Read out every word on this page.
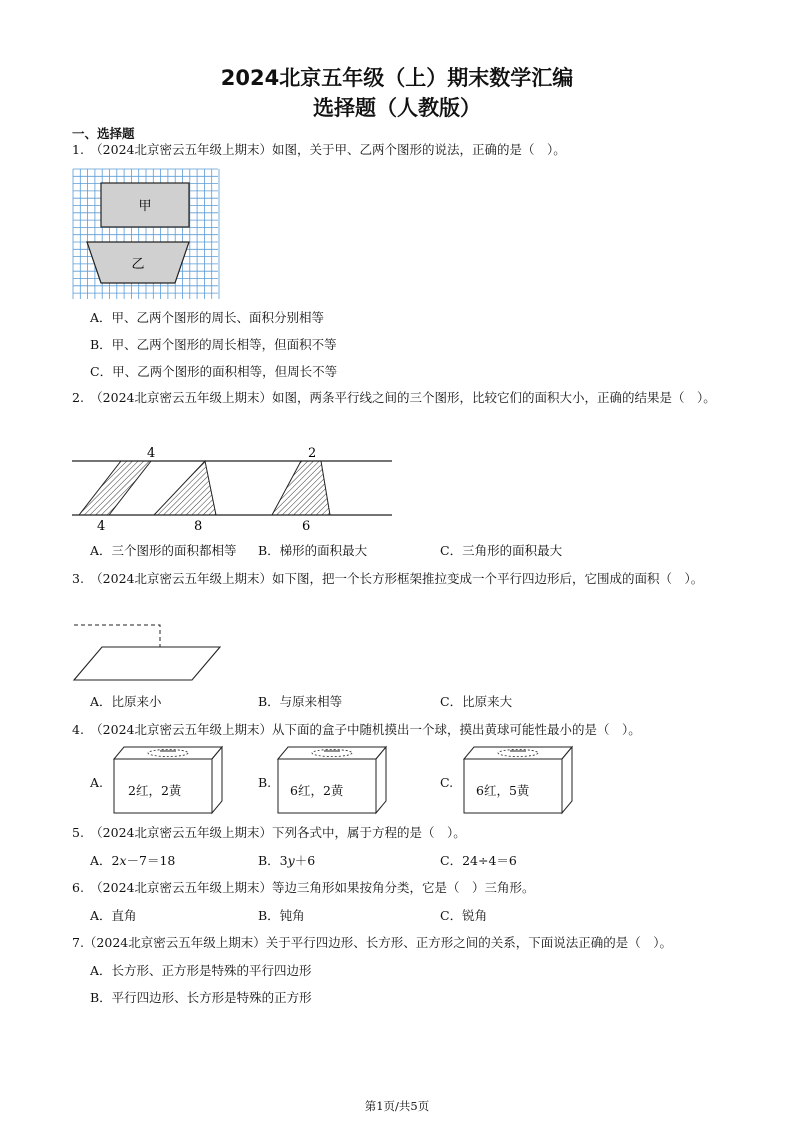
2024北京五年级（上）期末数学汇编
选择题（人教版）
一、选择题
1.　（2024北京密云五年级上期末）如图，关于甲、乙两个图形的说法，正确的是（　）。
甲
乙
A．甲、乙两个图形的周长、面积分别相等
B．甲、乙两个图形的周长相等，但面积不等
C．甲、乙两个图形的面积相等，但周长不等
2.　（2024北京密云五年级上期末）如图，两条平行线之间的三个图形，比较它们的面积大小，正确的结果是（　）。
4	2
4	8	6
A．三个图形的面积都相等 B．梯形的面积最大	C．三角形的面积最大
3.　（2024北京密云五年级上期末）如下图，把一个长方形框架推拉变成一个平行四边形后，它围成的面积（　）。
A．比原来小	B．与原来相等	C．比原来大
4.　（2024北京密云五年级上期末）从下面的盒子中随机摸出一个球，摸出黄球可能性最小的是（　）。
A.
2红，2黄
B.
6红，2黄
C.
6红，5黄
5.　（2024北京密云五年级上期末）下列各式中，属于方程的是（　）。
A．2𝑥－7＝18	B．3𝑦＋6	C．24÷4＝6
6.　（2024北京密云五年级上期末）等边三角形如果按角分类，它是（　）三角形。
A．直角	B．钝角	C．锐角
7.（2024北京密云五年级上期末）关于平行四边形、长方形、正方形之间的关系，下面说法正确的是（　）。
A．长方形、正方形是特殊的平行四边形
B．平行四边形、长方形是特殊的正方形
第1页/共5页
